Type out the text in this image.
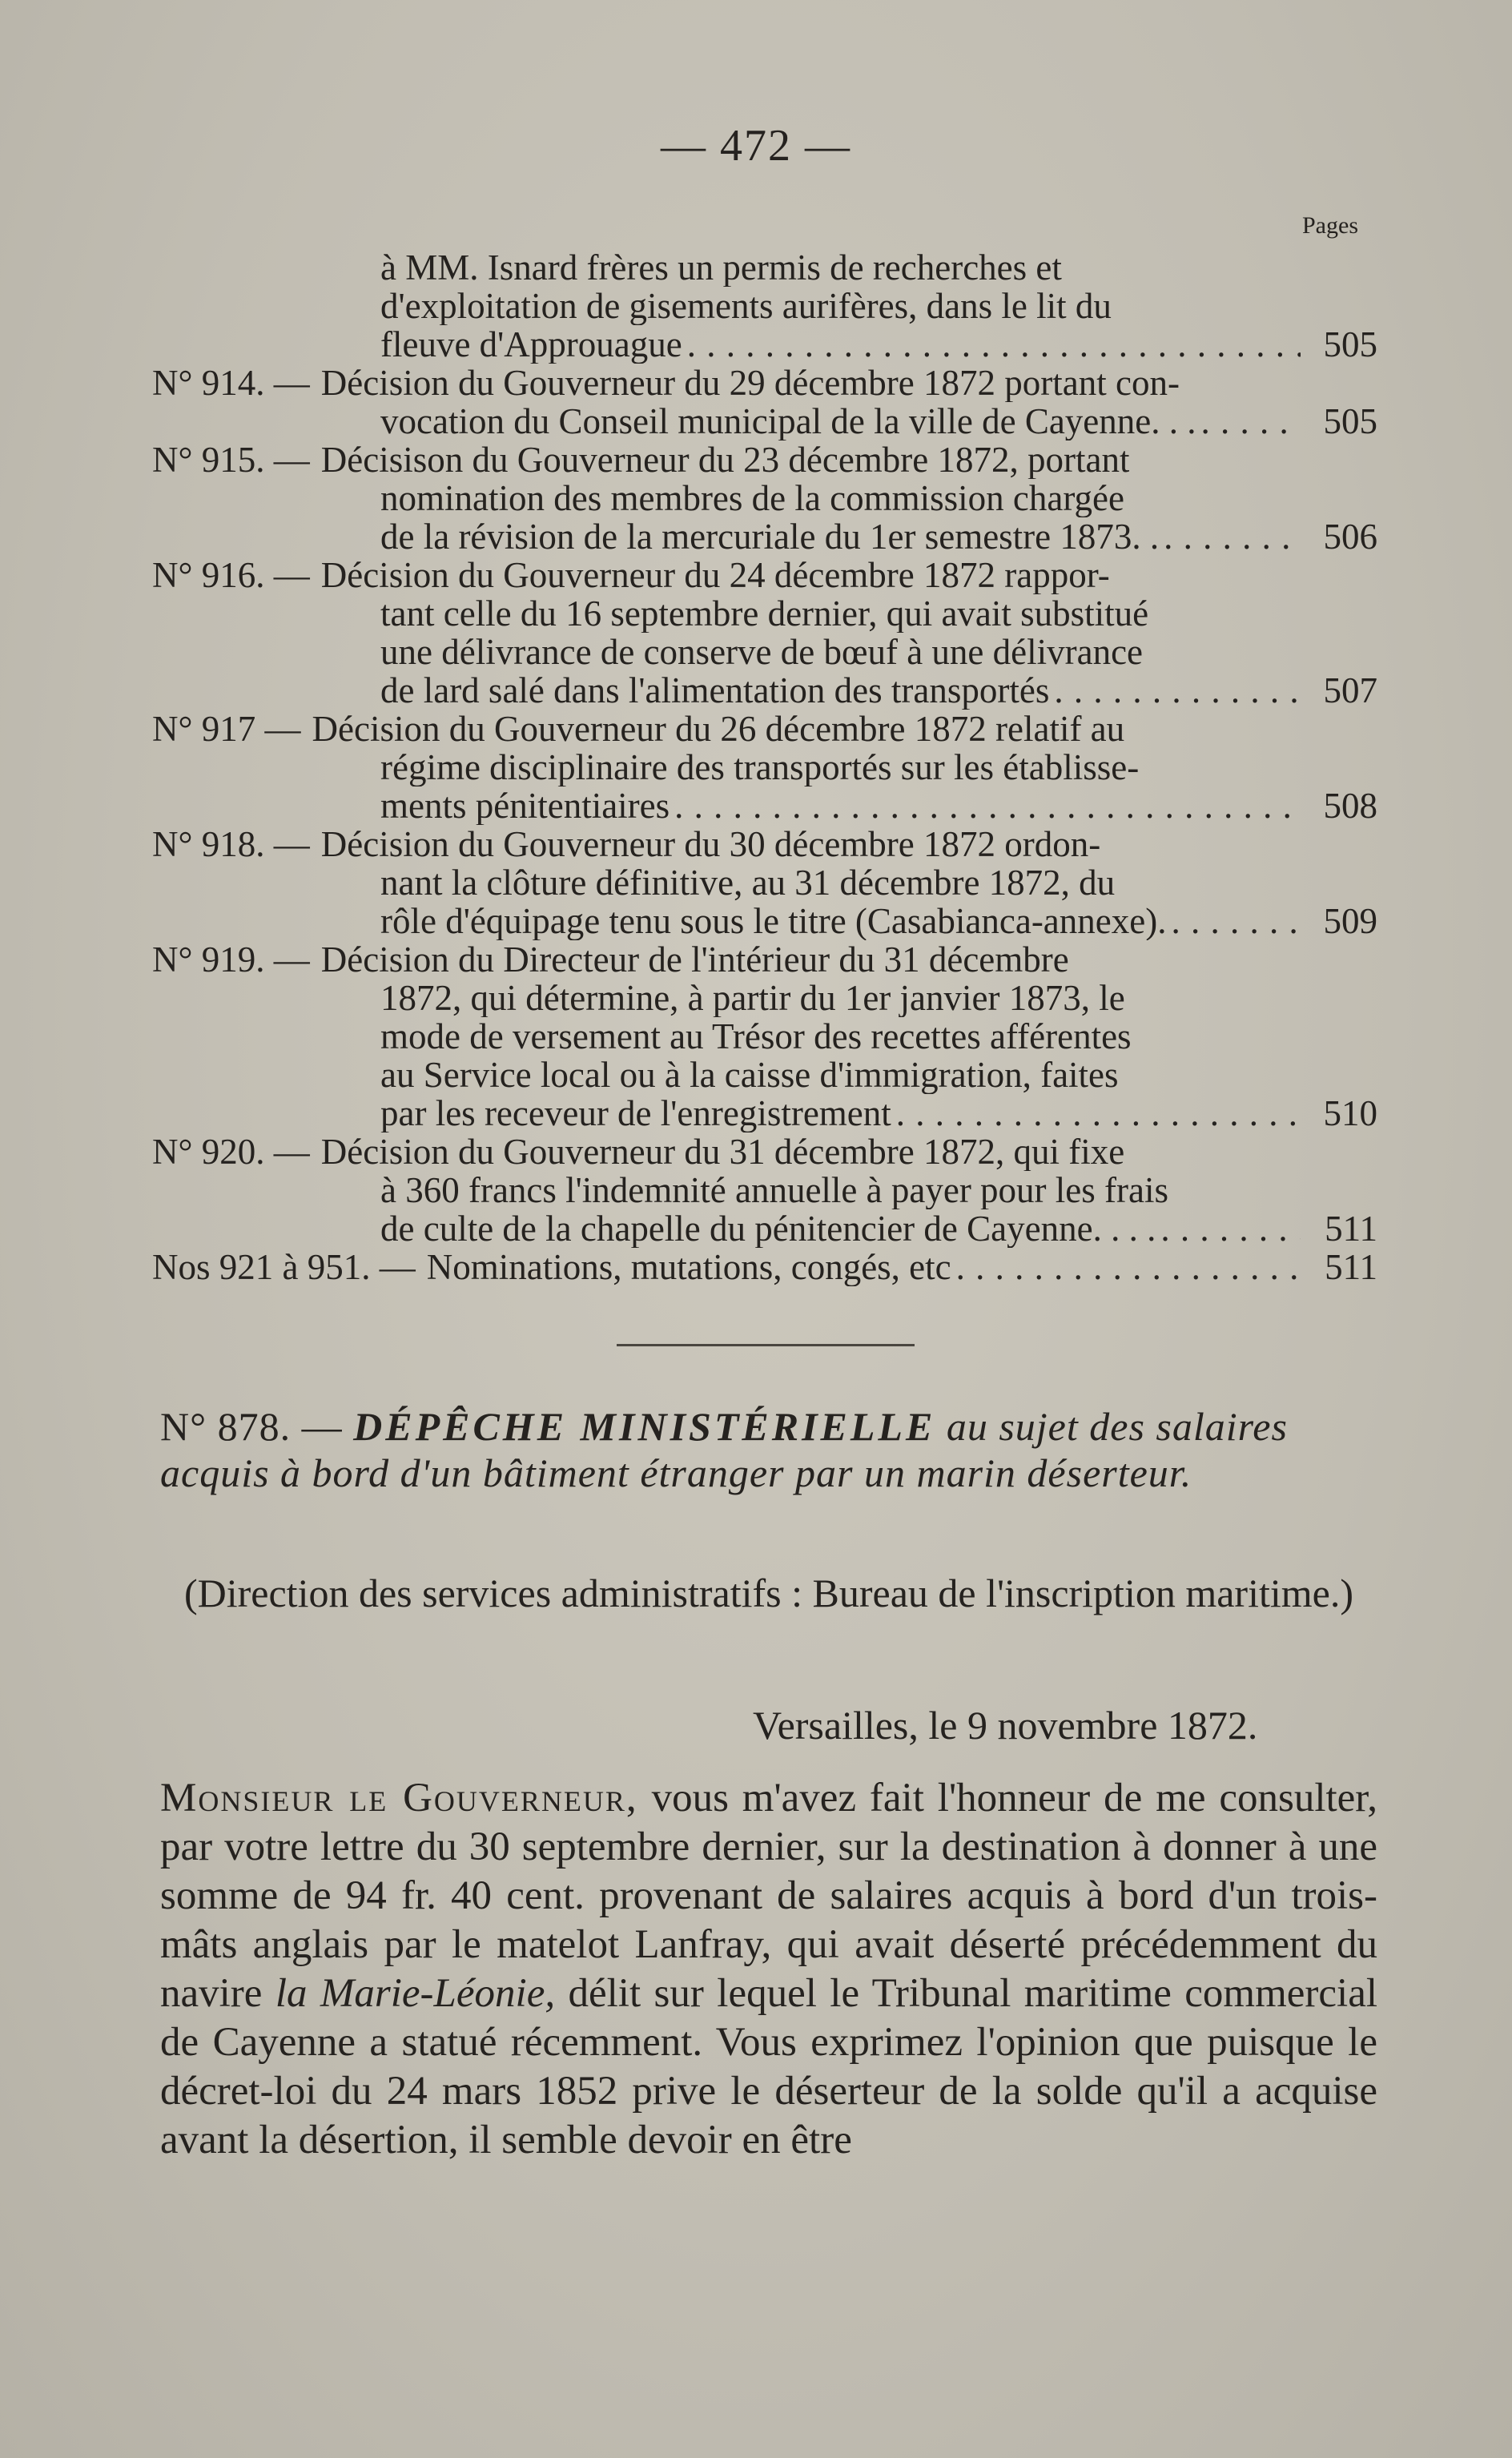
— 472 —
Pages
à MM. Isnard frères un permis de recherches et
d'exploitation de gisements aurifères, dans le lit du
fleuve d'Approuague . . .	505
N° 914. — Décision du Gouverneur du 29 décembre 1872 portant con-
vocation du Conseil municipal de la ville de Cayenne. . . . . .	505
N° 915. — Décisison du Gouverneur du 23 décembre 1872, portant
nomination des membres de la commission chargée
de la révision de la mercuriale du 1er semestre 1873. . . . .	506
N° 916. — Décision du Gouverneur du 24 décembre 1872 rappor-
tant celle du 16 septembre dernier, qui avait substitué
une délivrance de conserve de bœuf à une délivrance
de lard salé dans l'alimentation des transportés . . .	507
N° 917 — Décision du Gouverneur du 26 décembre 1872 relatif au
régime disciplinaire des transportés sur les établisse-
ments pénitentiaires . . .	508
N° 918. — Décision du Gouverneur du 30 décembre 1872 ordon-
nant la clôture définitive, au 31 décembre 1872, du
rôle d'équipage tenu sous le titre (Casabianca-annexe). . . .	509
N° 919. — Décision du Directeur de l'intérieur du 31 décembre
1872, qui détermine, à partir du 1er janvier 1873, le
mode de versement au Trésor des recettes afférentes
au Service local ou à la caisse d'immigration, faites
par les receveur de l'enregistrement . . .	510
N° 920. — Décision du Gouverneur du 31 décembre 1872, qui fixe
à 360 francs l'indemnité annuelle à payer pour les frais
de culte de la chapelle du pénitencier de Cayenne. . . . . . .	511
Nos 921 à 951. — Nominations, mutations, congés, etc . . .	511
N° 878. — DÉPÊCHE MINISTÉRIELLE au sujet des salaires acquis à bord d'un bâtiment étranger par un marin déserteur.
(Direction des services administratifs : Bureau de l'inscription maritime.)
Versailles, le 9 novembre 1872.
Monsieur le Gouverneur, vous m'avez fait l'honneur de me consulter, par votre lettre du 30 septembre dernier, sur la destination à donner à une somme de 94 fr. 40 cent. provenant de salaires acquis à bord d'un trois-mâts anglais par le matelot Lanfray, qui avait déserté précédemment du navire la Marie-Léonie, délit sur lequel le Tribunal maritime commercial de Cayenne a statué récemment. Vous exprimez l'opinion que puisque le décret-loi du 24 mars 1852 prive le déserteur de la solde qu'il a acquise avant la désertion, il semble devoir en être
